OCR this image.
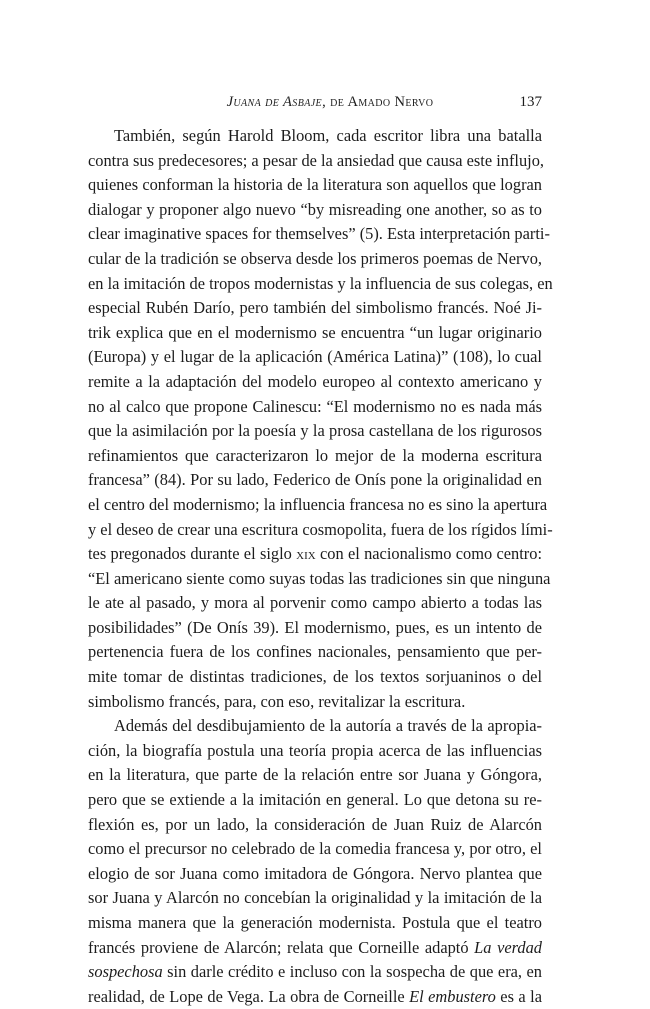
Juana de Asbaje, de Amado Nervo	137
También, según Harold Bloom, cada escritor libra una batalla
contra sus predecesores; a pesar de la ansiedad que causa este influjo,
quienes conforman la historia de la literatura son aquellos que logran
dialogar y proponer algo nuevo “by misreading one another, so as to
clear imaginative spaces for themselves” (5). Esta interpretación parti-
cular de la tradición se observa desde los primeros poemas de Nervo,
en la imitación de tropos modernistas y la influencia de sus colegas, en
especial Rubén Darío, pero también del simbolismo francés. Noé Ji-
trik explica que en el modernismo se encuentra “un lugar originario
(Europa) y el lugar de la aplicación (América Latina)” (108), lo cual
remite a la adaptación del modelo europeo al contexto americano y
no al calco que propone Calinescu: “El modernismo no es nada más
que la asimilación por la poesía y la prosa castellana de los rigurosos
refinamientos que caracterizaron lo mejor de la moderna escritura
francesa” (84). Por su lado, Federico de Onís pone la originalidad en
el centro del modernismo; la influencia francesa no es sino la apertura
y el deseo de crear una escritura cosmopolita, fuera de los rígidos lími-
tes pregonados durante el siglo xix con el nacionalismo como centro:
“El americano siente como suyas todas las tradiciones sin que ninguna
le ate al pasado, y mora al porvenir como campo abierto a todas las
posibilidades” (De Onís 39). El modernismo, pues, es un intento de
pertenencia fuera de los confines nacionales, pensamiento que per-
mite tomar de distintas tradiciones, de los textos sorjuaninos o del
simbolismo francés, para, con eso, revitalizar la escritura.
Además del desdibujamiento de la autoría a través de la apropia-
ción, la biografía postula una teoría propia acerca de las influencias
en la literatura, que parte de la relación entre sor Juana y Góngora,
pero que se extiende a la imitación en general. Lo que detona su re-
flexión es, por un lado, la consideración de Juan Ruiz de Alarcón
como el precursor no celebrado de la comedia francesa y, por otro, el
elogio de sor Juana como imitadora de Góngora. Nervo plantea que
sor Juana y Alarcón no concebían la originalidad y la imitación de la
misma manera que la generación modernista. Postula que el teatro
francés proviene de Alarcón; relata que Corneille adaptó La verdad
sospechosa sin darle crédito e incluso con la sospecha de que era, en
realidad, de Lope de Vega. La obra de Corneille El embustero es a la
